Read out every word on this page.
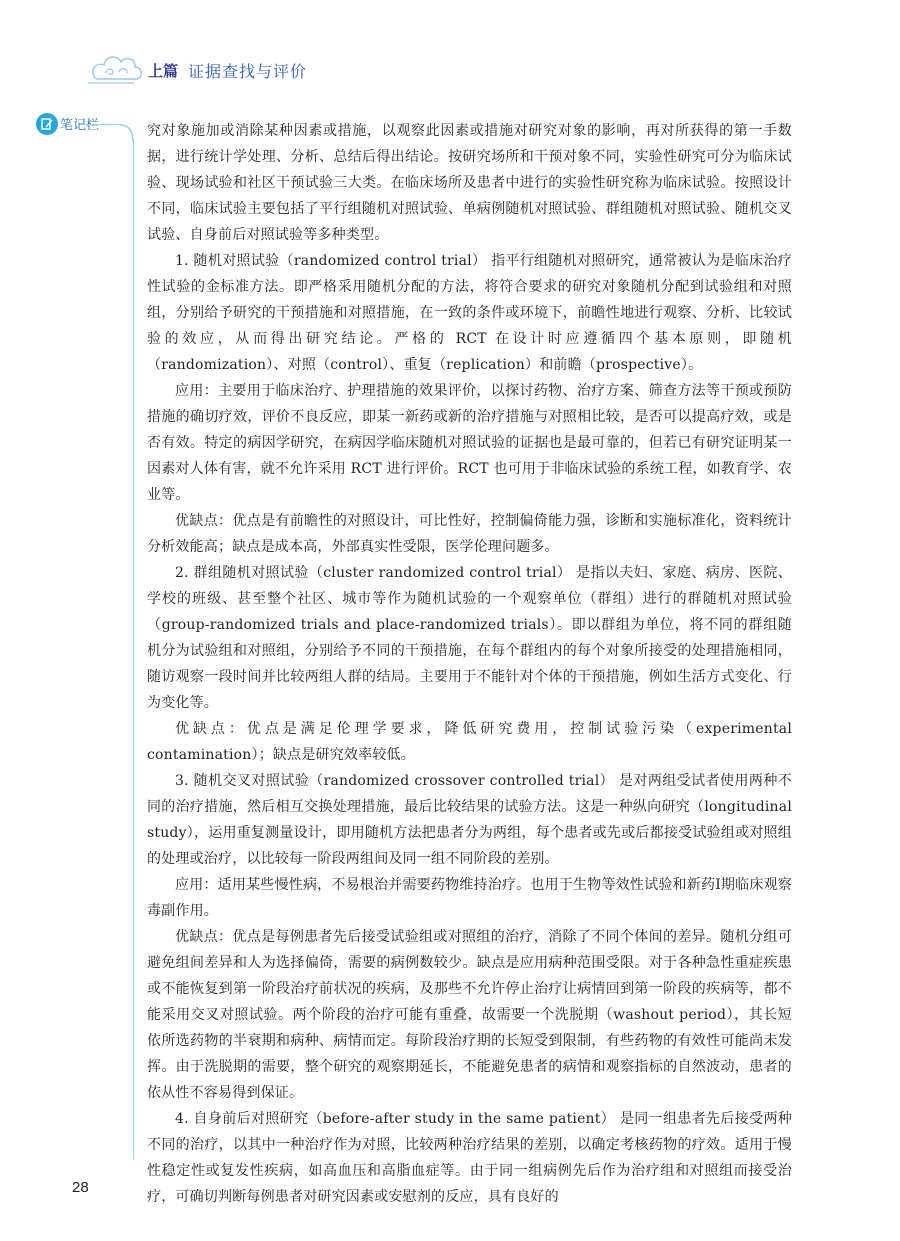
上篇 证据查找与评价
笔记栏	究对象施加或消除某种因素或措施，以观察此因素或措施对研究对象的影响，再对所获得的第一手数据，进行统计学处理、分析、总结后得出结论。按研究场所和干预对象不同，实验性研究可分为临床试验、现场试验和社区干预试验三大类。在临床场所及患者中进行的实验性研究称为临床试验。按照设计不同，临床试验主要包括了平行组随机对照试验、单病例随机对照试验、群组随机对照试验、随机交叉试验、自身前后对照试验等多种类型。

1. 随机对照试验（randomized control trial） 指平行组随机对照研究，通常被认为是临床治疗性试验的金标准方法。即严格采用随机分配的方法，将符合要求的研究对象随机分配到试验组和对照组，分别给予研究的干预措施和对照措施，在一致的条件或环境下，前瞻性地进行观察、分析、比较试验的效应，从而得出研究结论。严格的 RCT 在设计时应遵循四个基本原则，即随机（randomization）、对照（control）、重复（replication）和前瞻（prospective）。

应用：主要用于临床治疗、护理措施的效果评价，以探讨药物、治疗方案、筛查方法等干预或预防措施的确切疗效，评价不良反应，即某一新药或新的治疗措施与对照相比较，是否可以提高疗效，或是否有效。特定的病因学研究，在病因学临床随机对照试验的证据也是最可靠的，但若已有研究证明某一因素对人体有害，就不允许采用 RCT 进行评价。RCT 也可用于非临床试验的系统工程，如教育学、农业等。

优缺点：优点是有前瞻性的对照设计，可比性好，控制偏倚能力强，诊断和实施标准化，资料统计分析效能高；缺点是成本高，外部真实性受限，医学伦理问题多。

2. 群组随机对照试验（cluster randomized control trial） 是指以夫妇、家庭、病房、医院、学校的班级、甚至整个社区、城市等作为随机试验的一个观察单位（群组）进行的群随机对照试验（group-randomized trials and place-randomized trials）。即以群组为单位，将不同的群组随机分为试验组和对照组，分别给予不同的干预措施，在每个群组内的每个对象所接受的处理措施相同，随访观察一段时间并比较两组人群的结局。主要用于不能针对个体的干预措施，例如生活方式变化、行为变化等。

优缺点：优点是满足伦理学要求，降低研究费用，控制试验污染（experimental contamination）；缺点是研究效率较低。

3. 随机交叉对照试验（randomized crossover controlled trial） 是对两组受试者使用两种不同的治疗措施，然后相互交换处理措施，最后比较结果的试验方法。这是一种纵向研究（longitudinal study），运用重复测量设计，即用随机方法把患者分为两组，每个患者或先或后都接受试验组或对照组的处理或治疗，以比较每一阶段两组间及同一组不同阶段的差别。

应用：适用某些慢性病，不易根治并需要药物维持治疗。也用于生物等效性试验和新药Ⅰ期临床观察毒副作用。

优缺点：优点是每例患者先后接受试验组或对照组的治疗，消除了不同个体间的差异。随机分组可避免组间差异和人为选择偏倚，需要的病例数较少。缺点是应用病种范围受限。对于各种急性重症疾患或不能恢复到第一阶段治疗前状况的疾病，及那些不允许停止治疗让病情回到第一阶段的疾病等，都不能采用交叉对照试验。两个阶段的治疗可能有重叠，故需要一个洗脱期（washout period），其长短依所选药物的半衰期和病种、病情而定。每阶段治疗期的长短受到限制，有些药物的有效性可能尚未发挥。由于洗脱期的需要，整个研究的观察期延长，不能避免患者的病情和观察指标的自然波动，患者的依从性不容易得到保证。

4. 自身前后对照研究（before-after study in the same patient） 是同一组患者先后接受两种不同的治疗，以其中一种治疗作为对照，比较两种治疗结果的差别，以确定考核药物的疗效。适用于慢性稳定性或复发性疾病，如高血压和高脂血症等。由于同一组病例先后作为治疗组和对照组而接受治疗，可确切判断每例患者对研究因素或安慰剂的反应，具有良好的

28
